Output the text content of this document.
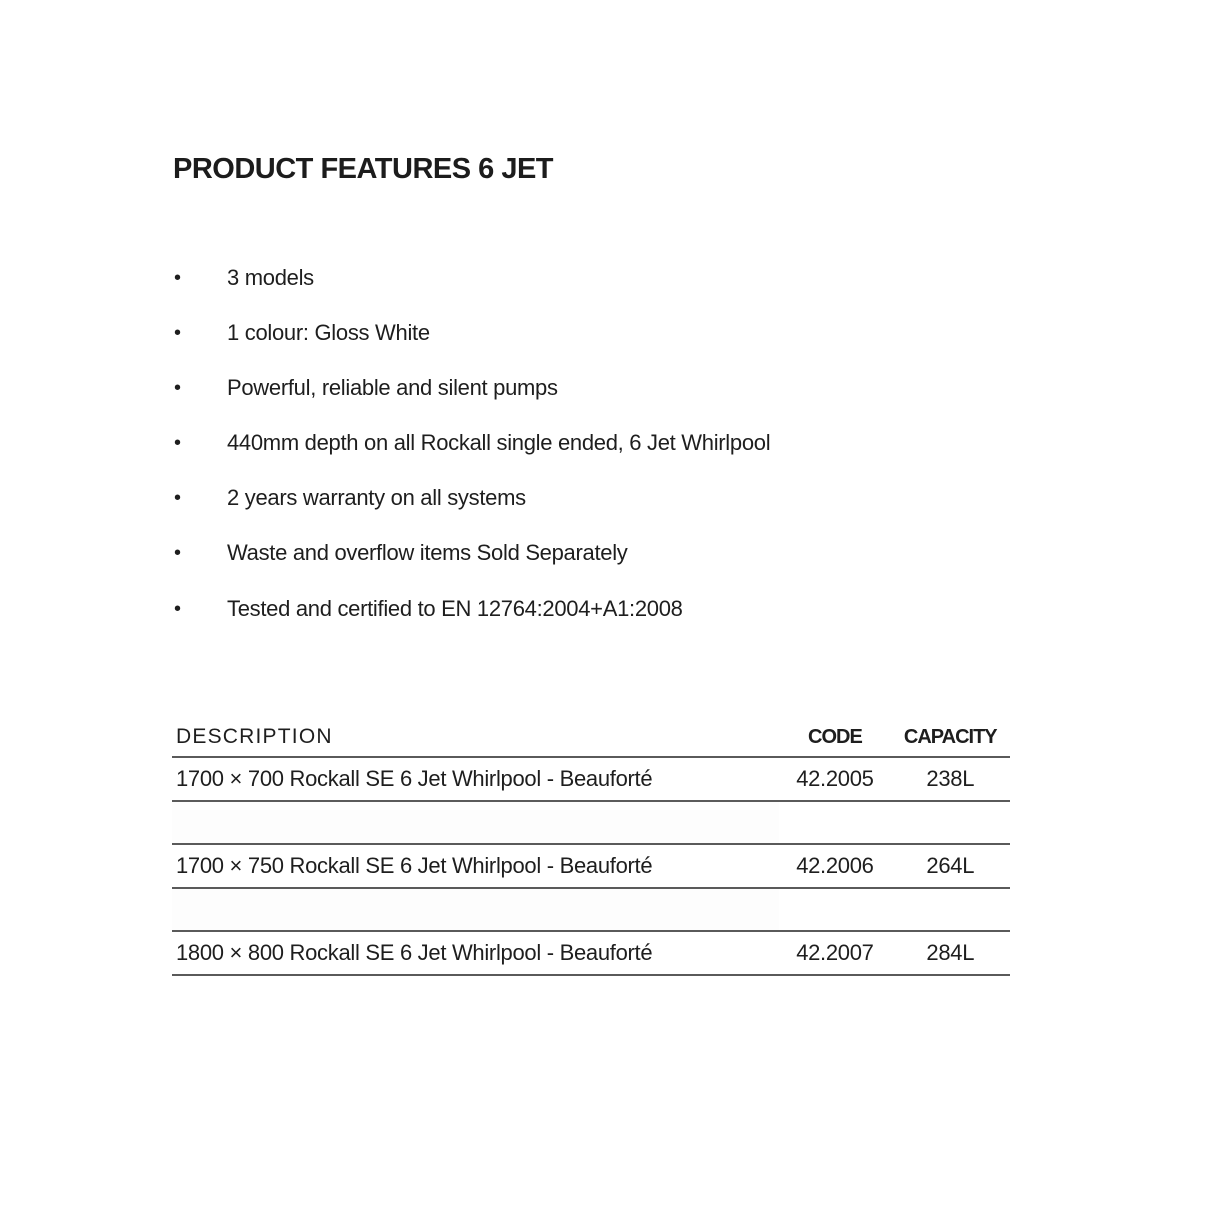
PRODUCT FEATURES 6 JET
•	3 models
•	1 colour: Gloss White
•	Powerful, reliable and silent pumps
•	440mm depth on all Rockall single ended, 6 Jet Whirlpool
•	2 years warranty on all systems
•	Waste and overflow items Sold Separately
•	Tested and certified to EN 12764:2004+A1:2008
DESCRIPTION	CODE	CAPACITY
1700 × 700 Rockall SE 6 Jet Whirlpool - Beauforté	42.2005	238L

1700 × 750 Rockall SE 6 Jet Whirlpool - Beauforté	42.2006	264L

1800 × 800 Rockall SE 6 Jet Whirlpool - Beauforté	42.2007	284L
